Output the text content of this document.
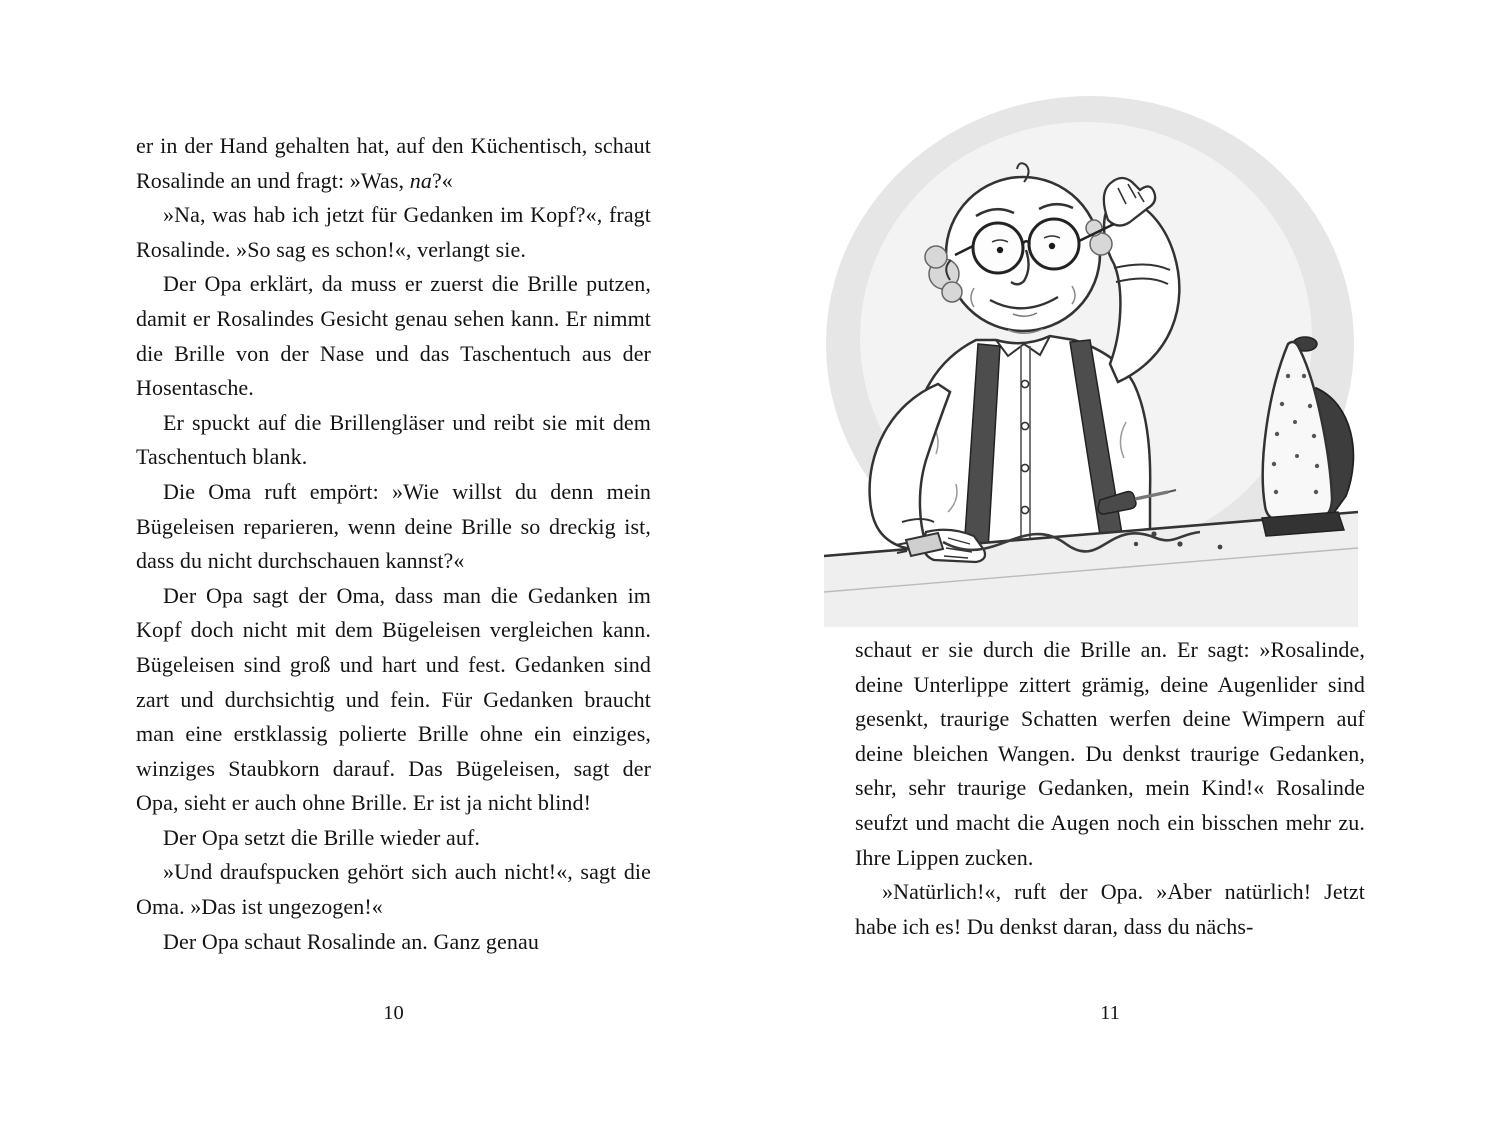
er in der Hand gehalten hat, auf den Küchentisch, schaut Rosalinde an und fragt: »Was, na?«

»Na, was hab ich jetzt für Gedanken im Kopf?«, fragt Rosalinde. »So sag es schon!«, verlangt sie.

Der Opa erklärt, da muss er zuerst die Brille putzen, damit er Rosalindes Gesicht genau sehen kann. Er nimmt die Brille von der Nase und das Taschentuch aus der Hosentasche.

Er spuckt auf die Brillengläser und reibt sie mit dem Taschentuch blank.

Die Oma ruft empört: »Wie willst du denn mein Bügeleisen reparieren, wenn deine Brille so dreckig ist, dass du nicht durchschauen kannst?«

Der Opa sagt der Oma, dass man die Gedanken im Kopf doch nicht mit dem Bügeleisen vergleichen kann. Bügeleisen sind groß und hart und fest. Gedanken sind zart und durchsichtig und fein. Für Gedanken braucht man eine erstklassig polierte Brille ohne ein einziges, winziges Staubkorn darauf. Das Bügeleisen, sagt der Opa, sieht er auch ohne Brille. Er ist ja nicht blind!

Der Opa setzt die Brille wieder auf.

»Und draufspucken gehört sich auch nicht!«, sagt die Oma. »Das ist ungezogen!«

Der Opa schaut Rosalinde an. Ganz genau

10

schaut er sie durch die Brille an. Er sagt: »Rosalinde, deine Unterlippe zittert grämig, deine Augenlider sind gesenkt, traurige Schatten werfen deine Wimpern auf deine bleichen Wangen. Du denkst traurige Gedanken, sehr, sehr traurige Gedanken, mein Kind!« Rosalinde seufzt und macht die Augen noch ein bisschen mehr zu. Ihre Lippen zucken.

»Natürlich!«, ruft der Opa. »Aber natürlich! Jetzt habe ich es! Du denkst daran, dass du nächs-

11
